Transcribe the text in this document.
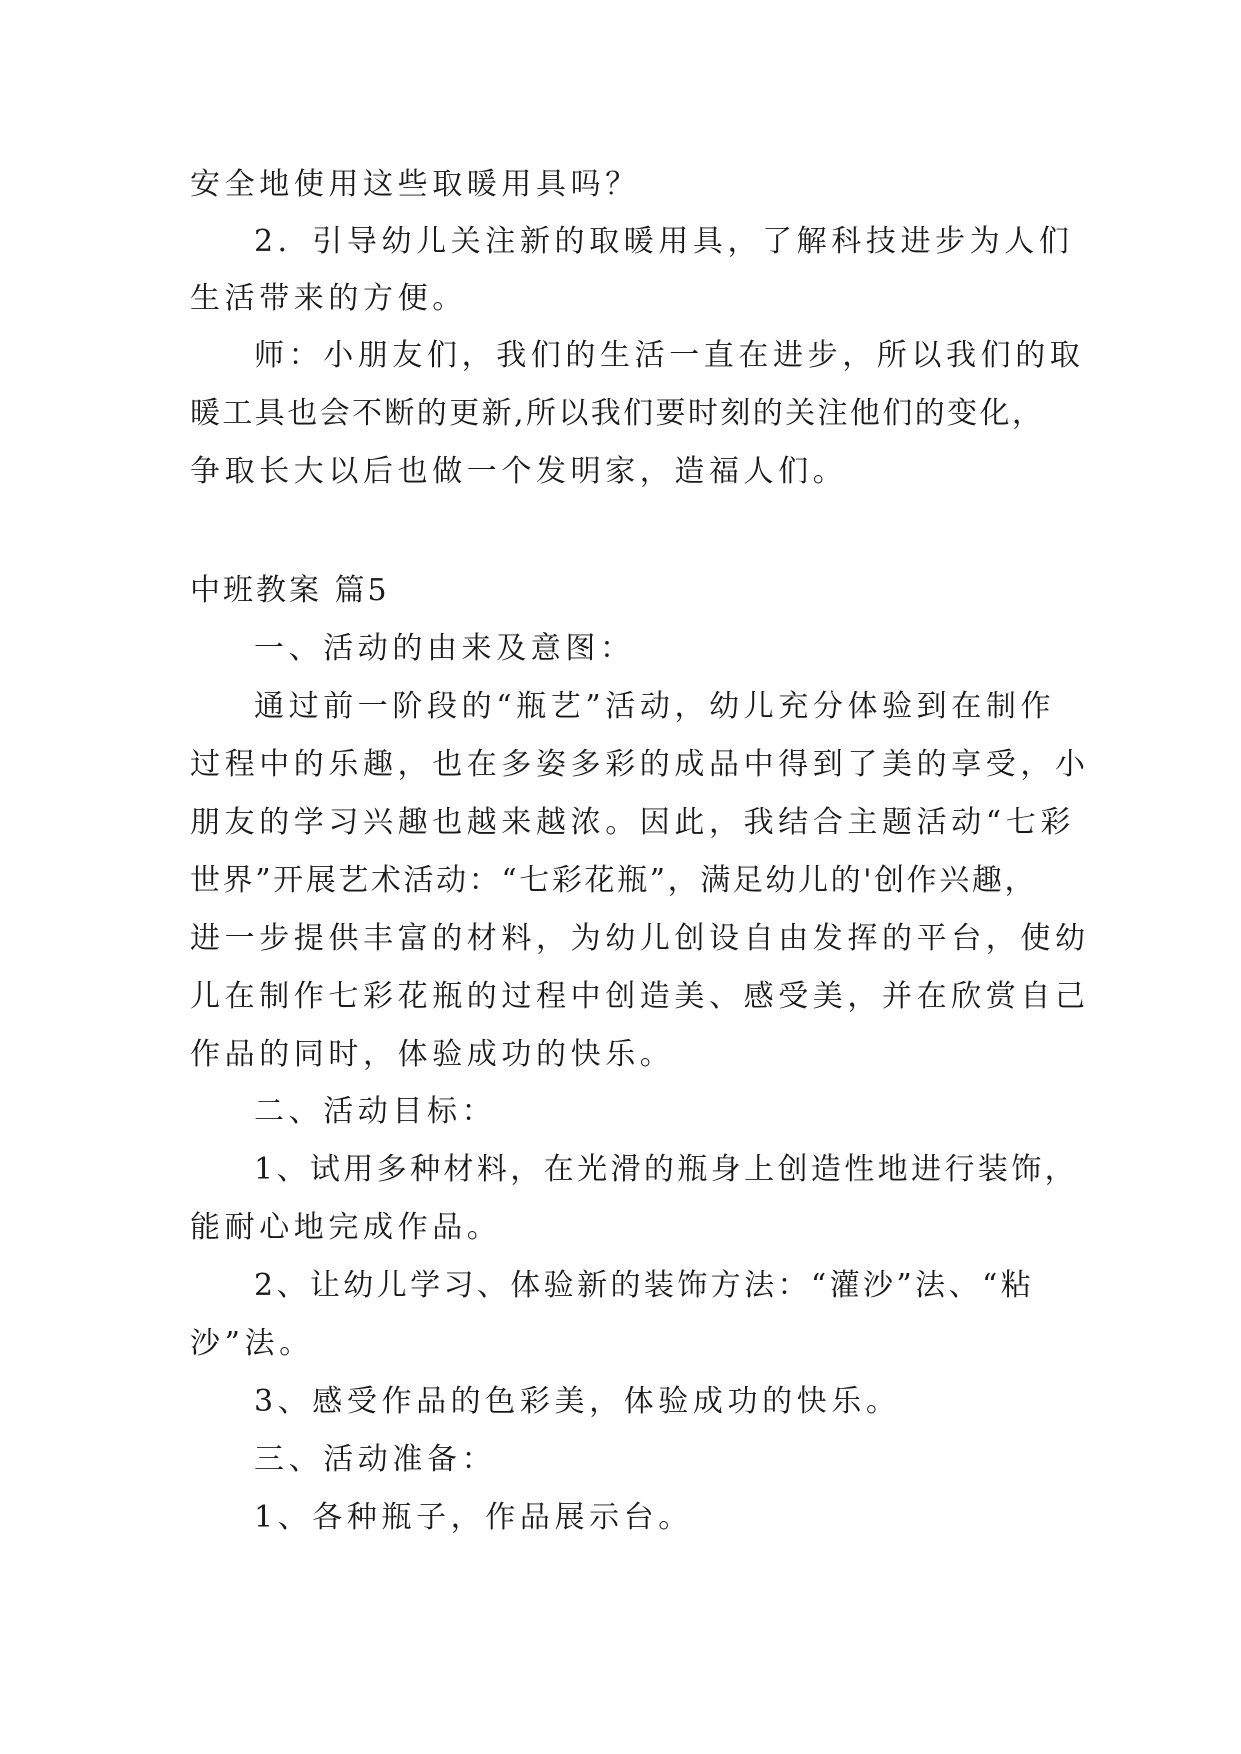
安全地使用这些取暖用具吗？
2．引导幼儿关注新的取暖用具，了解科技进步为人们
生活带来的方便。
师：小朋友们，我们的生活一直在进步，所以我们的取
暖工具也会不断的更新,所以我们要时刻的关注他们的变化，
争取长大以后也做一个发明家，造福人们。
中班教案 篇5
一、活动的由来及意图：
通过前一阶段的“瓶艺”活动，幼儿充分体验到在制作
过程中的乐趣，也在多姿多彩的成品中得到了美的享受，小
朋友的学习兴趣也越来越浓。因此，我结合主题活动“七彩
世界”开展艺术活动：“七彩花瓶”，满足幼儿的'创作兴趣，
进一步提供丰富的材料，为幼儿创设自由发挥的平台，使幼
儿在制作七彩花瓶的过程中创造美、感受美，并在欣赏自己
作品的同时，体验成功的快乐。
二、活动目标：
1、试用多种材料，在光滑的瓶身上创造性地进行装饰，
能耐心地完成作品。
2、让幼儿学习、体验新的装饰方法：“灌沙”法、“粘
沙”法。
3、感受作品的色彩美，体验成功的快乐。
三、活动准备：
1、各种瓶子，作品展示台。
